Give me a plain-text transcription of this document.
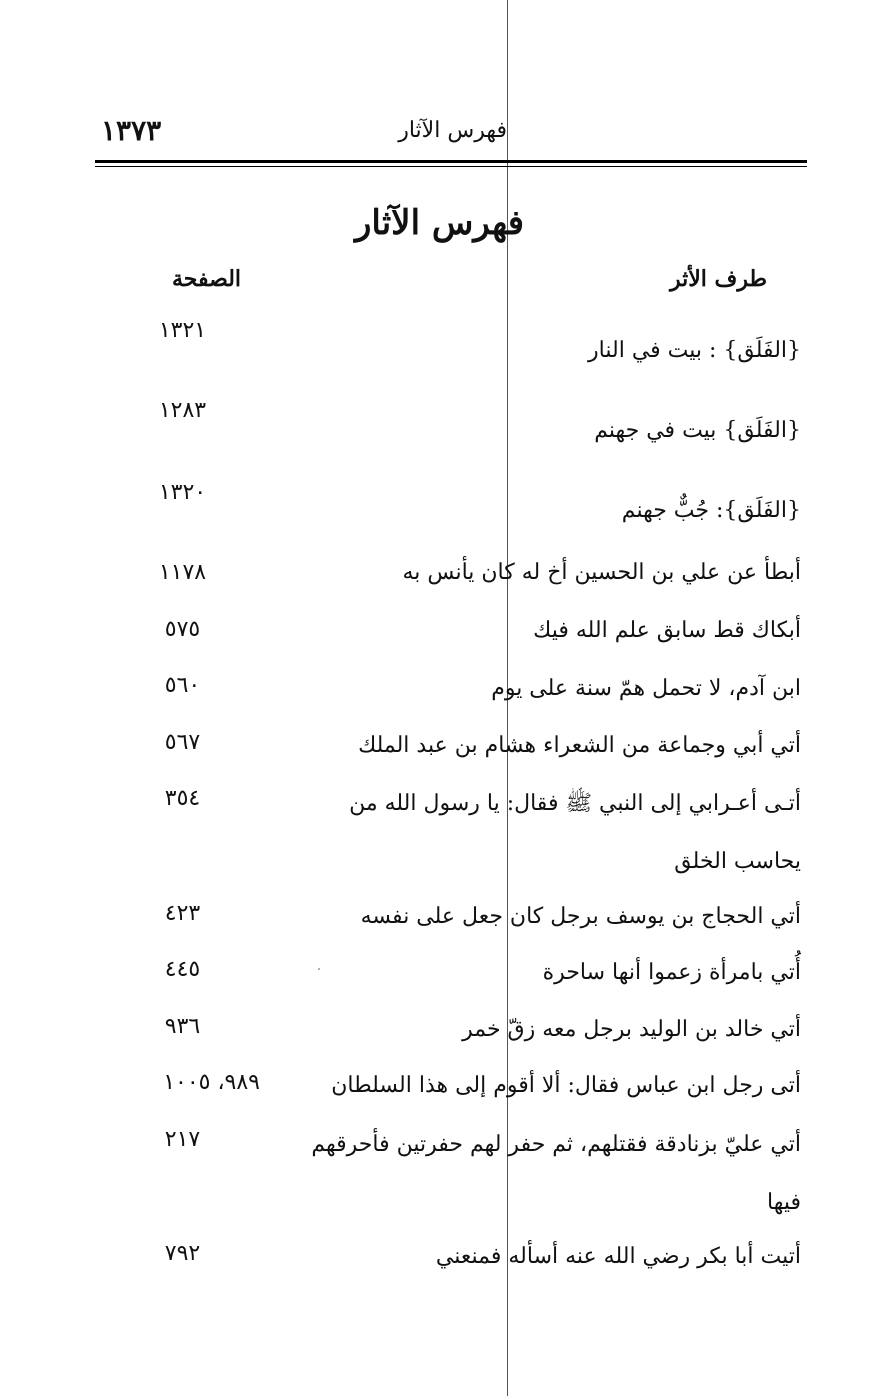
١٣٧٣	فهرس الآثار
فهرس الآثار
طرف الأثر
الصفحة
١٣٢١
{الفَلَق} : بيت في النار
١٢٨٣
{الفَلَق} بيت في جهنم
١٣٢٠
{الفَلَق}: جُبٌّ جهنم
١١٧٨	أبطأ عن علي بن الحسين أخ له كان يأنس به
٥٧٥	أبكاك قط سابق علم الله فيك
٥٦٠	ابن آدم، لا تحمل همّ سنة على يوم
٥٦٧	أتي أبي وجماعة من الشعراء هشام بن عبد الملك
٣٥٤	أتـى أعـرابي إلى النبي ﷺ فقال: يا رسول الله من يحاسب الخلق
٤٢٣	أتي الحجاج بن يوسف برجل كان جعل على نفسه
٤٤٥	أُتي بامرأة زعموا أنها ساحرة
٩٣٦	أتي خالد بن الوليد برجل معه زقّ خمر
٩٨٩، ١٠٠٥	أتى رجل ابن عباس فقال: ألا أقوم إلى هذا السلطان
٢١٧	أتي عليّ بزنادقة فقتلهم، ثم حفر لهم حفرتين فأحرقهم فيها
٧٩٢	أتيت أبا بكر رضي الله عنه أسأله فمنعني
